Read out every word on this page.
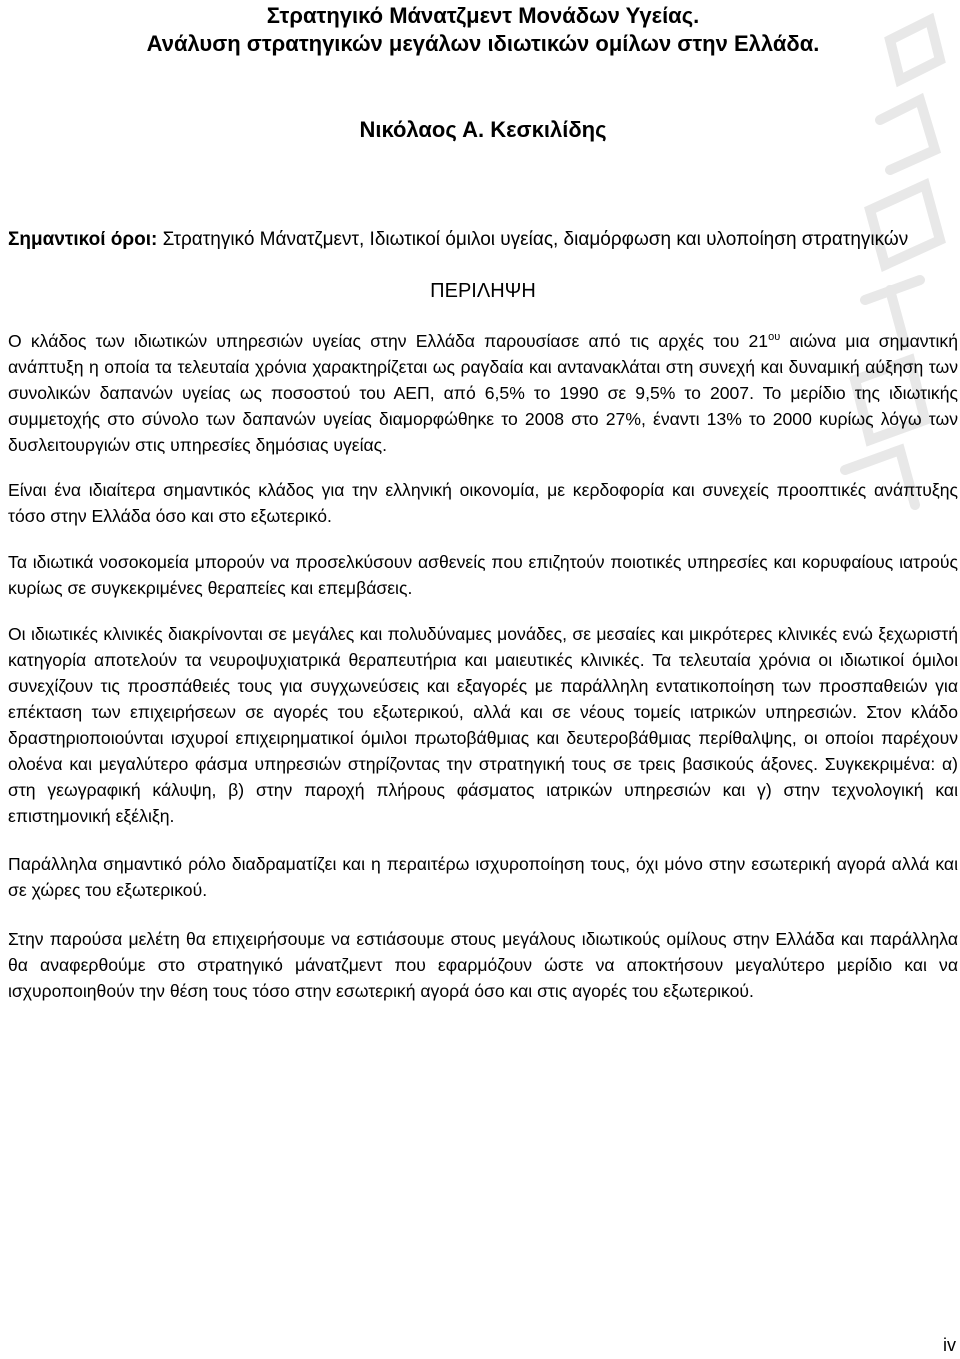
Στρατηγικό Μάνατζμεντ Μονάδων Υγείας.
Ανάλυση στρατηγικών μεγάλων ιδιωτικών ομίλων στην Ελλάδα.
Νικόλαος Α. Κεσκιλίδης
Σημαντικοί όροι: Στρατηγικό Μάνατζμεντ, Ιδιωτικοί όμιλοι υγείας, διαμόρφωση και υλοποίηση στρατηγικών
ΠΕΡΙΛΗΨΗ

Ο κλάδος των ιδιωτικών υπηρεσιών υγείας στην Ελλάδα παρουσίασε από τις αρχές του $21^{o\upsilon}$ αιώνα μια σημαντική ανάπτυξη η οποία τα τελευταία χρόνια χαρακτηρίζεται ως ραγδαία και αντανακλάται στη συνεχή και δυναμική αύξηση των συνολικών δαπανών υγείας ως ποσοστού του ΑΕΠ, από 6,5% το 1990 σε 9,5% το 2007. Το μερίδιο της ιδιωτικής συμμετοχής στο σύνολο των δαπανών υγείας διαμορφώθηκε το 2008 στο 27%, έναντι 13% το 2000 κυρίως λόγω των δυσλειτουργιών στις υπηρεσίες δημόσιας υγείας.

Είναι ένα ιδιαίτερα σημαντικός κλάδος για την ελληνική οικονομία, με κερδοφορία και συνεχείς προοπτικές ανάπτυξης τόσο στην Ελλάδα όσο και στο εξωτερικό.

Τα ιδιωτικά νοσοκομεία μπορούν να προσελκύσουν ασθενείς που επιζητούν ποιοτικές υπηρεσίες και κορυφαίους ιατρούς κυρίως σε συγκεκριμένες θεραπείες και επεμβάσεις.

Οι ιδιωτικές κλινικές διακρίνονται σε μεγάλες και πολυδύναμες μονάδες, σε μεσαίες και μικρότερες κλινικές ενώ ξεχωριστή κατηγορία αποτελούν τα νευροψυχιατρικά θεραπευτήρια και μαιευτικές κλινικές. Τα τελευταία χρόνια οι ιδιωτικοί όμιλοι συνεχίζουν τις προσπάθειές τους για συγχωνεύσεις και εξαγορές με παράλληλη εντατικοποίηση των προσπαθειών για επέκταση των επιχειρήσεων σε αγορές του εξωτερικού, αλλά και σε νέους τομείς ιατρικών υπηρεσιών. Στον κλάδο δραστηριοποιούνται ισχυροί επιχειρηματικοί όμιλοι πρωτοβάθμιας και δευτεροβάθμιας περίθαλψης, οι οποίοι παρέχουν ολοένα και μεγαλύτερο φάσμα υπηρεσιών στηρίζοντας την στρατηγική τους σε τρεις βασικούς άξονες. Συγκεκριμένα: α) στη γεωγραφική κάλυψη, β) στην παροχή πλήρους φάσματος ιατρικών υπηρεσιών και γ) στην τεχνολογική και επιστημονική εξέλιξη.

Παράλληλα σημαντικό ρόλο διαδραματίζει και η περαιτέρω ισχυροποίηση τους, όχι μόνο στην εσωτερική αγορά αλλά και σε χώρες του εξωτερικού.

Στην παρούσα μελέτη θα επιχειρήσουμε να εστιάσουμε στους μεγάλους ιδιωτικούς ομίλους στην Ελλάδα και παράλληλα θα αναφερθούμε στο στρατηγικό μάνατζμεντ που εφαρμόζουν ώστε να αποκτήσουν μεγαλύτερο μερίδιο και να ισχυροποιηθούν την θέση τους τόσο στην εσωτερική αγορά όσο και στις αγορές του εξωτερικού.

iv
